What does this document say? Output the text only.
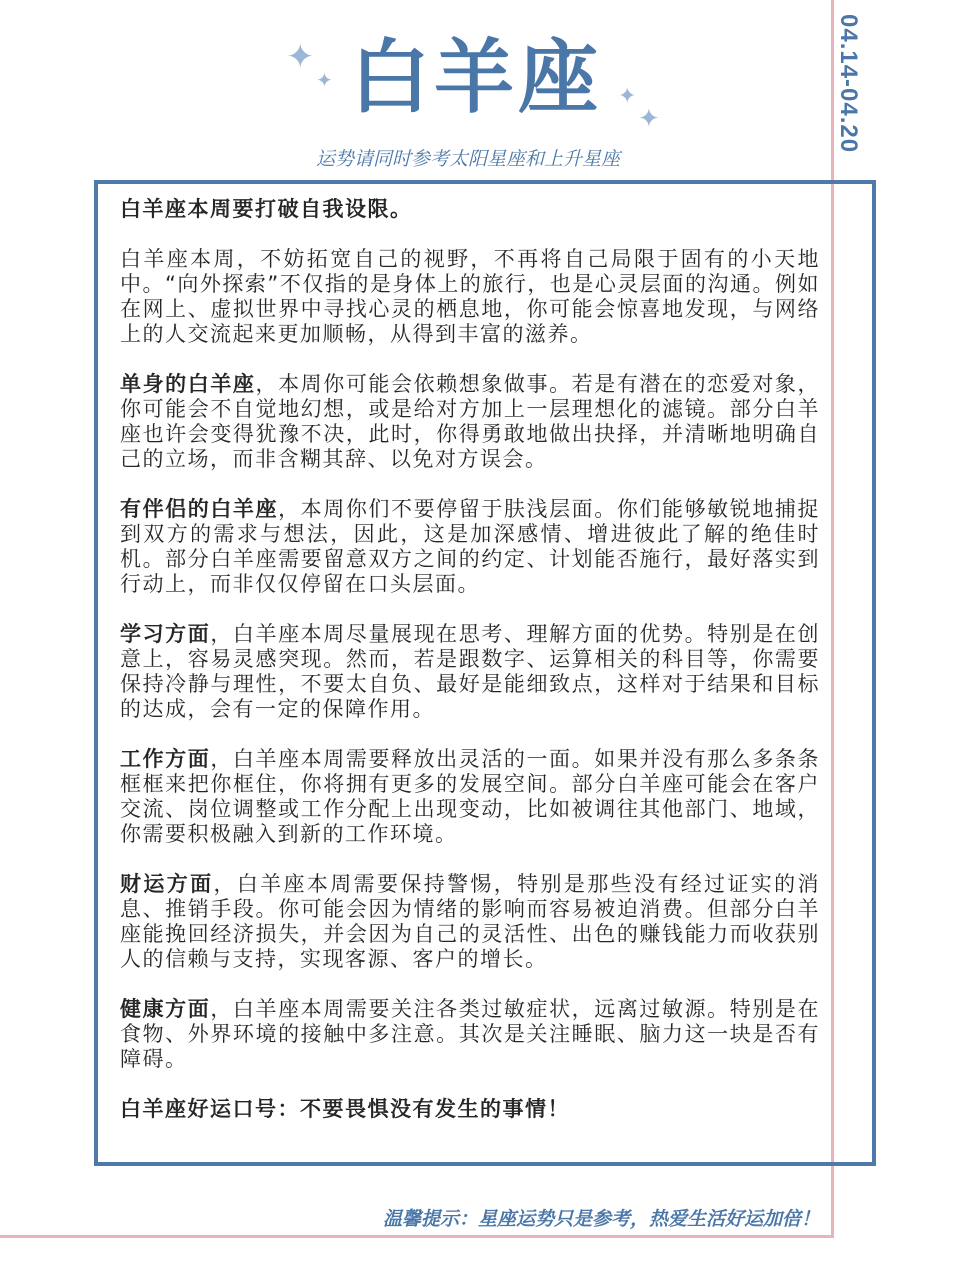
04.14-04.20
✦
✦ 白羊座 ✦
✦
运势请同时参考太阳星座和上升星座

白羊座本周要打破自我设限。

白羊座本周，不妨拓宽自己的视野，不再将自己局限于固有的小天地中。“向外探索”不仅指的是身体上的旅行，也是心灵层面的沟通。例如在网上、虚拟世界中寻找心灵的栖息地，你可能会惊喜地发现，与网络上的人交流起来更加顺畅，从得到丰富的滋养。

单身的白羊座，本周你可能会依赖想象做事。若是有潜在的恋爱对象，你可能会不自觉地幻想，或是给对方加上一层理想化的滤镜。部分白羊座也许会变得犹豫不决，此时，你得勇敢地做出抉择，并清晰地明确自己的立场，而非含糊其辞、以免对方误会。

有伴侣的白羊座，本周你们不要停留于肤浅层面。你们能够敏锐地捕捉到双方的需求与想法，因此，这是加深感情、增进彼此了解的绝佳时机。部分白羊座需要留意双方之间的约定、计划能否施行，最好落实到行动上，而非仅仅停留在口头层面。

学习方面，白羊座本周尽量展现在思考、理解方面的优势。特别是在创意上，容易灵感突现。然而，若是跟数字、运算相关的科目等，你需要保持冷静与理性，不要太自负、最好是能细致点，这样对于结果和目标的达成，会有一定的保障作用。

工作方面，白羊座本周需要释放出灵活的一面。如果并没有那么多条条框框来把你框住，你将拥有更多的发展空间。部分白羊座可能会在客户交流、岗位调整或工作分配上出现变动，比如被调往其他部门、地域，你需要积极融入到新的工作环境。

财运方面，白羊座本周需要保持警惕，特别是那些没有经过证实的消息、推销手段。你可能会因为情绪的影响而容易被迫消费。但部分白羊座能挽回经济损失，并会因为自己的灵活性、出色的赚钱能力而收获别人的信赖与支持，实现客源、客户的增长。

健康方面，白羊座本周需要关注各类过敏症状，远离过敏源。特别是在食物、外界环境的接触中多注意。其次是关注睡眠、脑力这一块是否有障碍。

白羊座好运口号：不要畏惧没有发生的事情！

温馨提示：星座运势只是参考，热爱生活好运加倍！
